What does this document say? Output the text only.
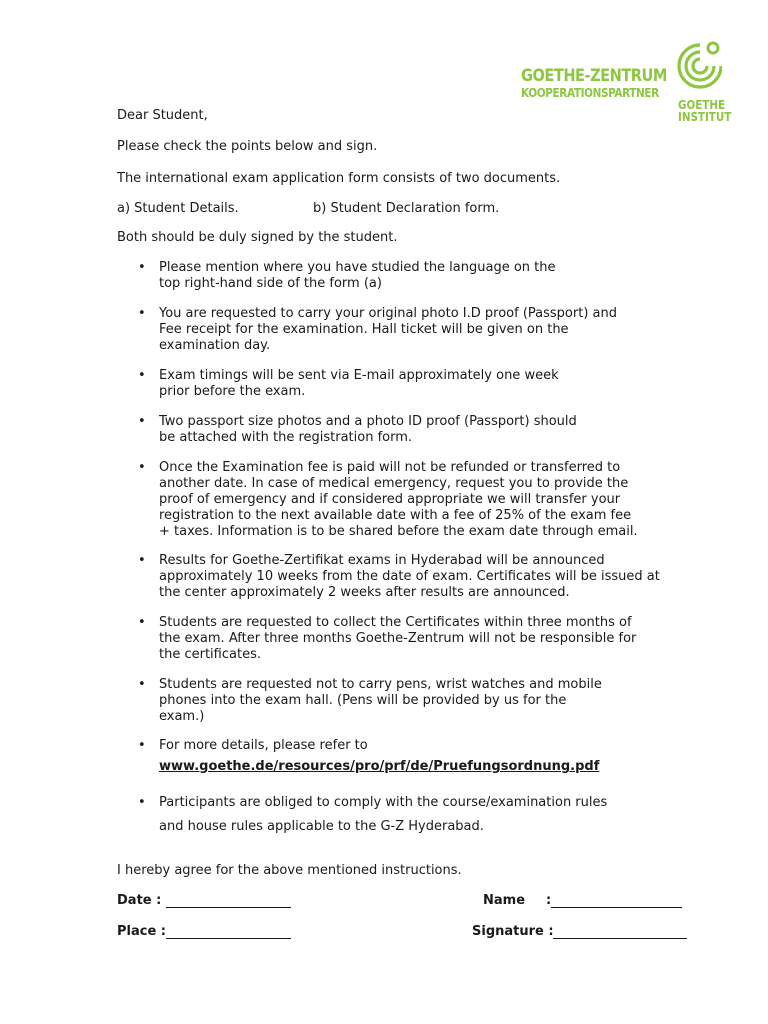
GOETHE-ZENTRUM
KOOPERATIONSPARTNER
GOETHE
INSTITUT
Dear Student,
Please check the points below and sign.
The international exam application form consists of two documents.
a) Student Details.	b) Student Declaration form.
Both should be duly signed by the student.
• Please mention where you have studied the language on the
top right-hand side of the form (a)
• You are requested to carry your original photo I.D proof (Passport) and
Fee receipt for the examination. Hall ticket will be given on the
examination day.
• Exam timings will be sent via E-mail approximately one week
prior before the exam.
• Two passport size photos and a photo ID proof (Passport) should
be attached with the registration form.
• Once the Examination fee is paid will not be refunded or transferred to
another date. In case of medical emergency, request you to provide the
proof of emergency and if considered appropriate we will transfer your
registration to the next available date with a fee of 25% of the exam fee
+ taxes. Information is to be shared before the exam date through email.
• Results for Goethe-Zertifikat exams in Hyderabad will be announced
approximately 10 weeks from the date of exam. Certificates will be issued at
the center approximately 2 weeks after results are announced.
• Students are requested to collect the Certificates within three months of
the exam. After three months Goethe-Zentrum will not be responsible for
the certificates.
• Students are requested not to carry pens, wrist watches and mobile
phones into the exam hall. (Pens will be provided by us for the
exam.)
• For more details, please refer to
www.goethe.de/resources/pro/prf/de/Pruefungsordnung.pdf
• Participants are obliged to comply with the course/examination rules
and house rules applicable to the G-Z Hyderabad.
I hereby agree for the above mentioned instructions.
Date :	Name :
Place :	Signature :
